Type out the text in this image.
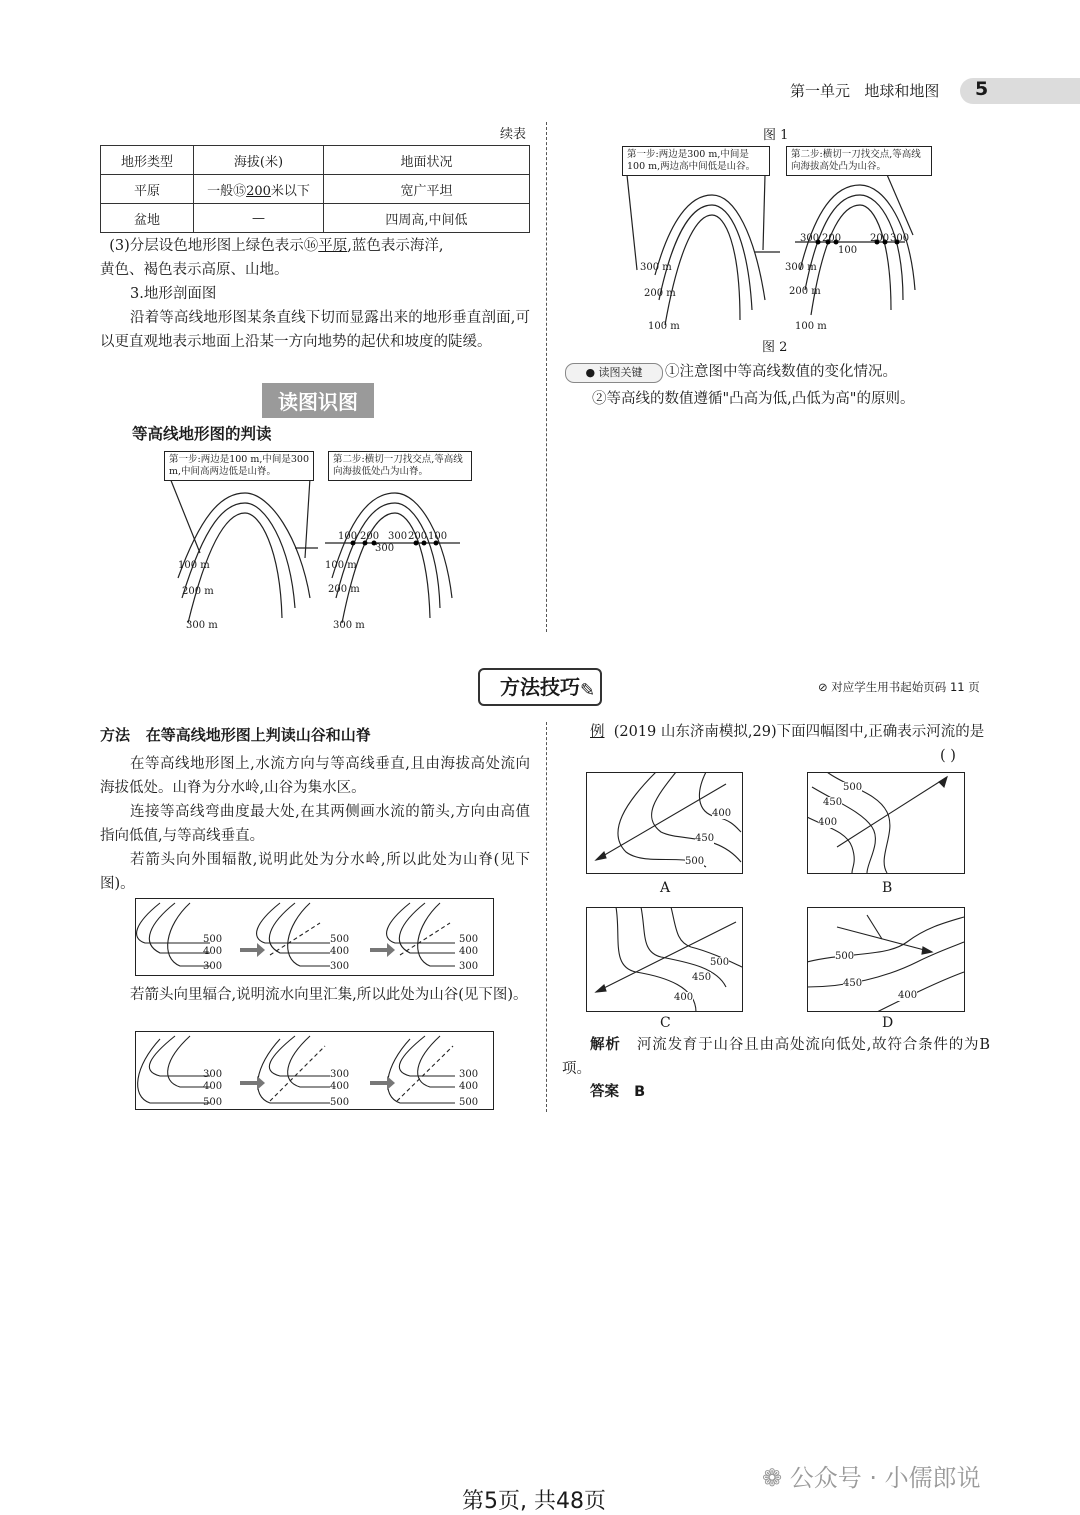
第一单元 地球和地图 5
续表
地形类型	海拔(米)	地面状况
平原	一般⑮200米以下	宽广平坦
盆地	—	四周高,中间低
(3)分层设色地形图上绿色表示⑯平原,蓝色表示海洋,
黄色、褐色表示高原、山地。
3.地形剖面图
沿着等高线地形图某条直线下切而显露出来的地形垂直剖面,可以更直观地表示地面上沿某一方向地势的起伏和坡度的陡缓。
读图识图
等高线地形图的判读
第一步:两边是100 m,中间是300 m,中间高两边低是山脊。
第二步:横切一刀找交点,等高线向海拔低处凸为山脊。
100 m
200 m
300 m
100 m
200 m
300 m
100 200
300
300 200 100
图 1
第一步:两边是300 m,中间是100 m,两边高中间低是山谷。
第二步:横切一刀找交点,等高线向海拔高处凸为山谷。
300 m
200 m
100 m
300 m
200 m
100 m
300 200
100
200 300
图 2
● 读图关键	①注意图中等高线数值的变化情况。
②等高线的数值遵循"凸高为低,凸低为高"的原则。
方法技巧 ✎	⊘ 对应学生用书起始页码 11 页
方法 在等高线地形图上判读山谷和山脊
在等高线地形图上,水流方向与等高线垂直,且由海拔高处流向海拔低处。山脊为分水岭,山谷为集水区。
连接等高线弯曲度最大处,在其两侧画水流的箭头,方向由高值指向低值,与等高线垂直。
若箭头向外围辐散,说明此处为分水岭,所以此处为山脊(见下图)。
500
400
300
500
400
300
500
400
300
若箭头向里辐合,说明流水向里汇集,所以此处为山谷(见下图)。
300
400
500
300
400
500
300
400
500
例 (2019 山东济南模拟,29)下面四幅图中,正确表示河流的是
( )
400
450
500
A
500
450
400
B
500
450
400
C
500
450
400
D
解析 河流发育于山谷且由高处流向低处,故符合条件的为B项。
答案 B
第5页, 共48页
❁ 公众号 · 小儒郎说
